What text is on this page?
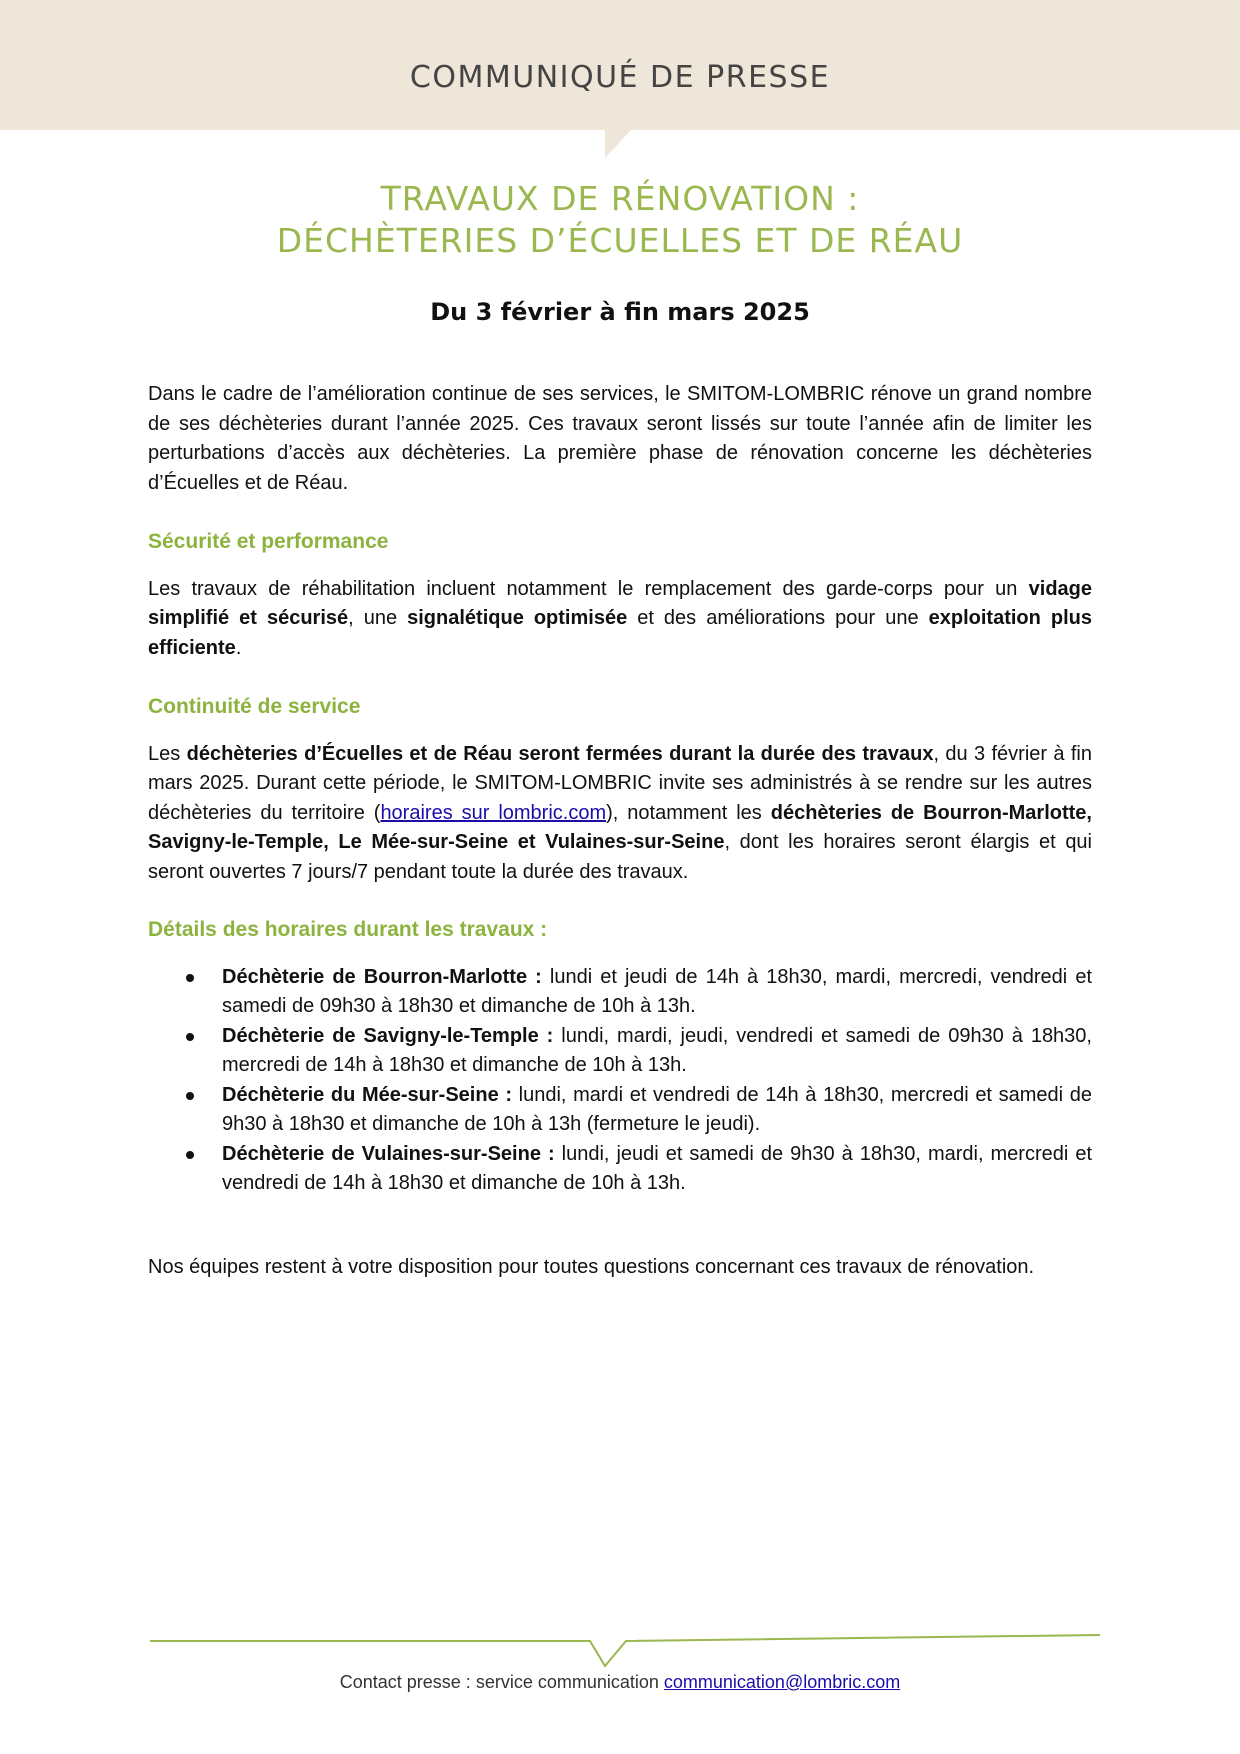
COMMUNIQUÉ DE PRESSE
TRAVAUX DE RÉNOVATION :
DÉCHÈTERIES D’ÉCUELLES ET DE RÉAU
Du 3 février à fin mars 2025

Dans le cadre de l’amélioration continue de ses services, le SMITOM-LOMBRIC rénove un grand nombre de ses déchèteries durant l’année 2025. Ces travaux seront lissés sur toute l’année afin de limiter les perturbations d’accès aux déchèteries. La première phase de rénovation concerne les déchèteries d’Écuelles et de Réau.

Sécurité et performance

Les travaux de réhabilitation incluent notamment le remplacement des garde-corps pour un vidage simplifié et sécurisé, une signalétique optimisée et des améliorations pour une exploitation plus efficiente.

Continuité de service

Les déchèteries d’Écuelles et de Réau seront fermées durant la durée des travaux, du 3 février à fin mars 2025. Durant cette période, le SMITOM-LOMBRIC invite ses administrés à se rendre sur les autres déchèteries du territoire (horaires sur lombric.com), notamment les déchèteries de Bourron-Marlotte, Savigny-le-Temple, Le Mée-sur-Seine et Vulaines-sur-Seine, dont les horaires seront élargis et qui seront ouvertes 7 jours/7 pendant toute la durée des travaux.

Détails des horaires durant les travaux :
Déchèterie de Bourron-Marlotte : lundi et jeudi de 14h à 18h30, mardi, mercredi, vendredi et samedi de 09h30 à 18h30 et dimanche de 10h à 13h.
Déchèterie de Savigny-le-Temple : lundi, mardi, jeudi, vendredi et samedi de 09h30 à 18h30, mercredi de 14h à 18h30 et dimanche de 10h à 13h.
Déchèterie du Mée-sur-Seine : lundi, mardi et vendredi de 14h à 18h30, mercredi et samedi de 9h30 à 18h30 et dimanche de 10h à 13h (fermeture le jeudi).
Déchèterie de Vulaines-sur-Seine : lundi, jeudi et samedi de 9h30 à 18h30, mardi, mercredi et vendredi de 14h à 18h30 et dimanche de 10h à 13h.

Nos équipes restent à votre disposition pour toutes questions concernant ces travaux de rénovation.

Contact presse : service communication communication@lombric.com
